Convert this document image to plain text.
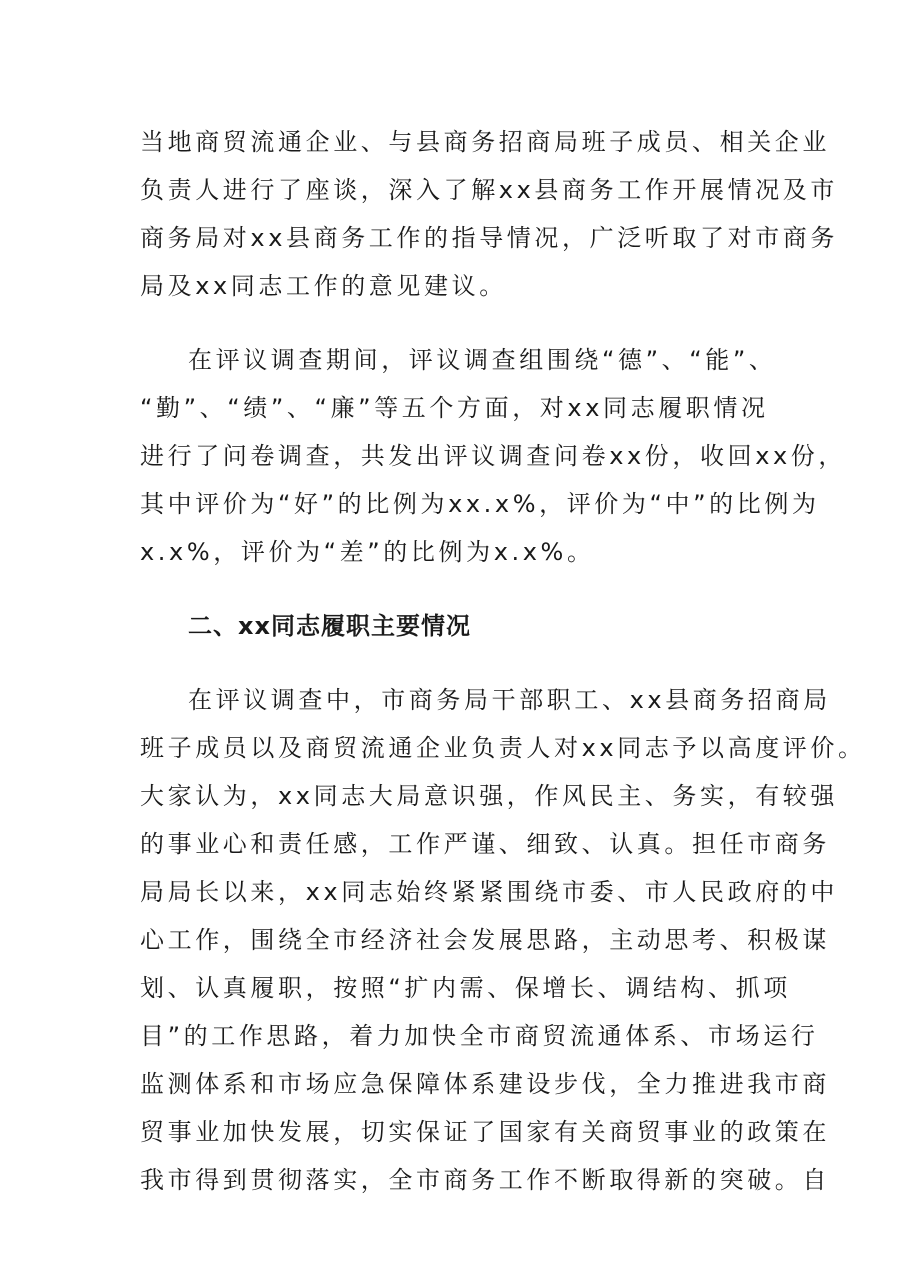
当地商贸流通企业、与县商务招商局班子成员、相关企业
负责人进行了座谈，深入了解xx县商务工作开展情况及市
商务局对xx县商务工作的指导情况，广泛听取了对市商务
局及xx同志工作的意见建议。
在评议调查期间，评议调查组围绕“德”、“能”、
“勤”、“绩”、“廉”等五个方面，对xx同志履职情况
进行了问卷调查，共发出评议调查问卷xx份，收回xx份，
其中评价为“好”的比例为xx.x%，评价为“中”的比例为
x.x%，评价为“差”的比例为x.x%。
二、xx同志履职主要情况
在评议调查中，市商务局干部职工、xx县商务招商局
班子成员以及商贸流通企业负责人对xx同志予以高度评价。
大家认为，xx同志大局意识强，作风民主、务实，有较强
的事业心和责任感，工作严谨、细致、认真。担任市商务
局局长以来，xx同志始终紧紧围绕市委、市人民政府的中
心工作，围绕全市经济社会发展思路，主动思考、积极谋
划、认真履职，按照“扩内需、保增长、调结构、抓项
目”的工作思路，着力加快全市商贸流通体系、市场运行
监测体系和市场应急保障体系建设步伐，全力推进我市商
贸事业加快发展，切实保证了国家有关商贸事业的政策在
我市得到贯彻落实，全市商务工作不断取得新的突破。自
